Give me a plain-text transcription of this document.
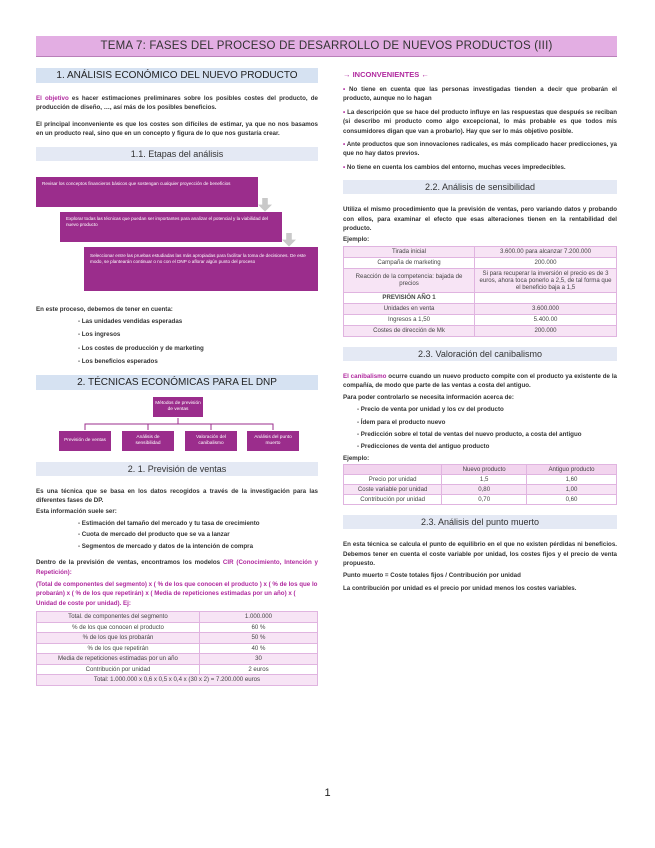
TEMA 7: FASES DEL PROCESO DE DESARROLLO DE NUEVOS PRODUCTOS (III)
1. ANÁLISIS ECONÓMICO DEL NUEVO PRODUCTO

El objetivo es hacer estimaciones preliminares sobre los posibles costes del producto, de producción de diseño, …, así más de los posibles beneficios.

El principal inconveniente es que los costes son difíciles de estimar, ya que no nos basamos en un producto real, sino que en un concepto y figura de lo que nos gustaría crear.

1.1. Etapas del análisis
Revisar los conceptos financieros básicos que sostengan cualquier proyección de beneficios
Explorar todas las técnicas que puedan ser importantes para analizar el potencial y la viabilidad del nuevo producto
Seleccionar entre las pruebas estudiadas las más apropiadas para facilitar la toma de decisiones. De este modo, se plantearán continuar o no con el DNP o aflorar algún punto del proceso

En este proceso, debemos de tener en cuenta:

- Las unidades vendidas esperadas
- Los ingresos
- Los costes de producción y de marketing
- Los beneficios esperados
2. TÉCNICAS ECONÓMICAS PARA EL DNP
Métodos de previsión de ventas
Previsión de ventas
Análisis de sensibilidad
Valoración del canibalismo
Análisis del punto muerto
2. 1. Previsión de ventas

Es una técnica que se basa en los datos recogidos a través de la investigación para las diferentes fases de DP.

Esta información suele ser:

- Estimación del tamaño del mercado y tu tasa de crecimiento
- Cuota de mercado del producto que se va a lanzar
- Segmentos de mercado y datos de la intención de compra

Dentro de la previsión de ventas, encontramos los modelos CIR (Conocimiento, Intención y Repetición):

(Total de componentes del segmento) x ( % de los que conocen el producto ) x ( % de los que lo probarán) x ( % de los que repetirán) x ( Media de repeticiones estimadas por un año) x ( Unidad de coste por unidad). Ej:

Total. de componentes del segmento	1.000.000
% de los que conocen el producto	60 %
% de los que los probarán	50 %
% de los que repetirán	40 %
Media de repeticiones estimadas por un año	30
Contribución por unidad	2 euros
Total: 1.000.000 x 0,6 x 0,5 x 0,4 x (30 x 2) = 7.200.000 euros	
→ INCONVENIENTES ←

• No tiene en cuenta que las personas investigadas tienden a decir que probarán el producto, aunque no lo hagan

• La descripción que se hace del producto influye en las respuestas que después se reciban (si describo mi producto como algo excepcional, lo más probable es que todos mis consumidores digan que van a probarlo). Hay que ser lo más objetivo posible.

• Ante productos que son innovaciones radicales, es más complicado hacer predicciones, ya que no hay datos previos.

• No tiene en cuenta los cambios del entorno, muchas veces impredecibles.

2.2. Análisis de sensibilidad

Utiliza el mismo procedimiento que la previsión de ventas, pero variando datos y probando con ellos, para examinar el efecto que esas alteraciones tienen en la rentabilidad del producto.

Ejemplo:

Tirada inicial	3.600.00 para alcanzar 7.200.000
Campaña de marketing	200.000
Reacción de la competencia: bajada de precios	Si para recuperar la inversión el precio es de 3 euros, ahora toca ponerlo a 2,5, de tal forma que el beneficio baja a 1,5
PREVISIÓN AÑO 1	
Unidades en venta	3.600.000
Ingresos a 1,50	5.400.00
Costes de dirección de Mk	200.000
2.3. Valoración del canibalismo

El canibalismo ocurre cuando un nuevo producto compite con el producto ya existente de la compañía, de modo que parte de las ventas a costa del antiguo.

Para poder controlarlo se necesita información acerca de:

- Precio de venta por unidad y los cv del producto
- Ídem para el producto nuevo
- Predicción sobre el total de ventas del nuevo producto, a costa del antiguo
- Predicciones de venta del antiguo producto

Ejemplo:

	Nuevo producto	Antiguo producto
Precio por unidad	1,5	1,60
Coste variable por unidad	0,80	1,00
Contribución por unidad	0,70	0,60
2.3. Análisis del punto muerto

En esta técnica se calcula el punto de equilibrio en el que no existen pérdidas ni beneficios. Debemos tener en cuenta el coste variable por unidad, los costes fijos y el precio de venta propuesto.

Punto muerto = Coste totales fijos / Contribución por unidad

La contribución por unidad es el precio por unidad menos los costes variables.

1
